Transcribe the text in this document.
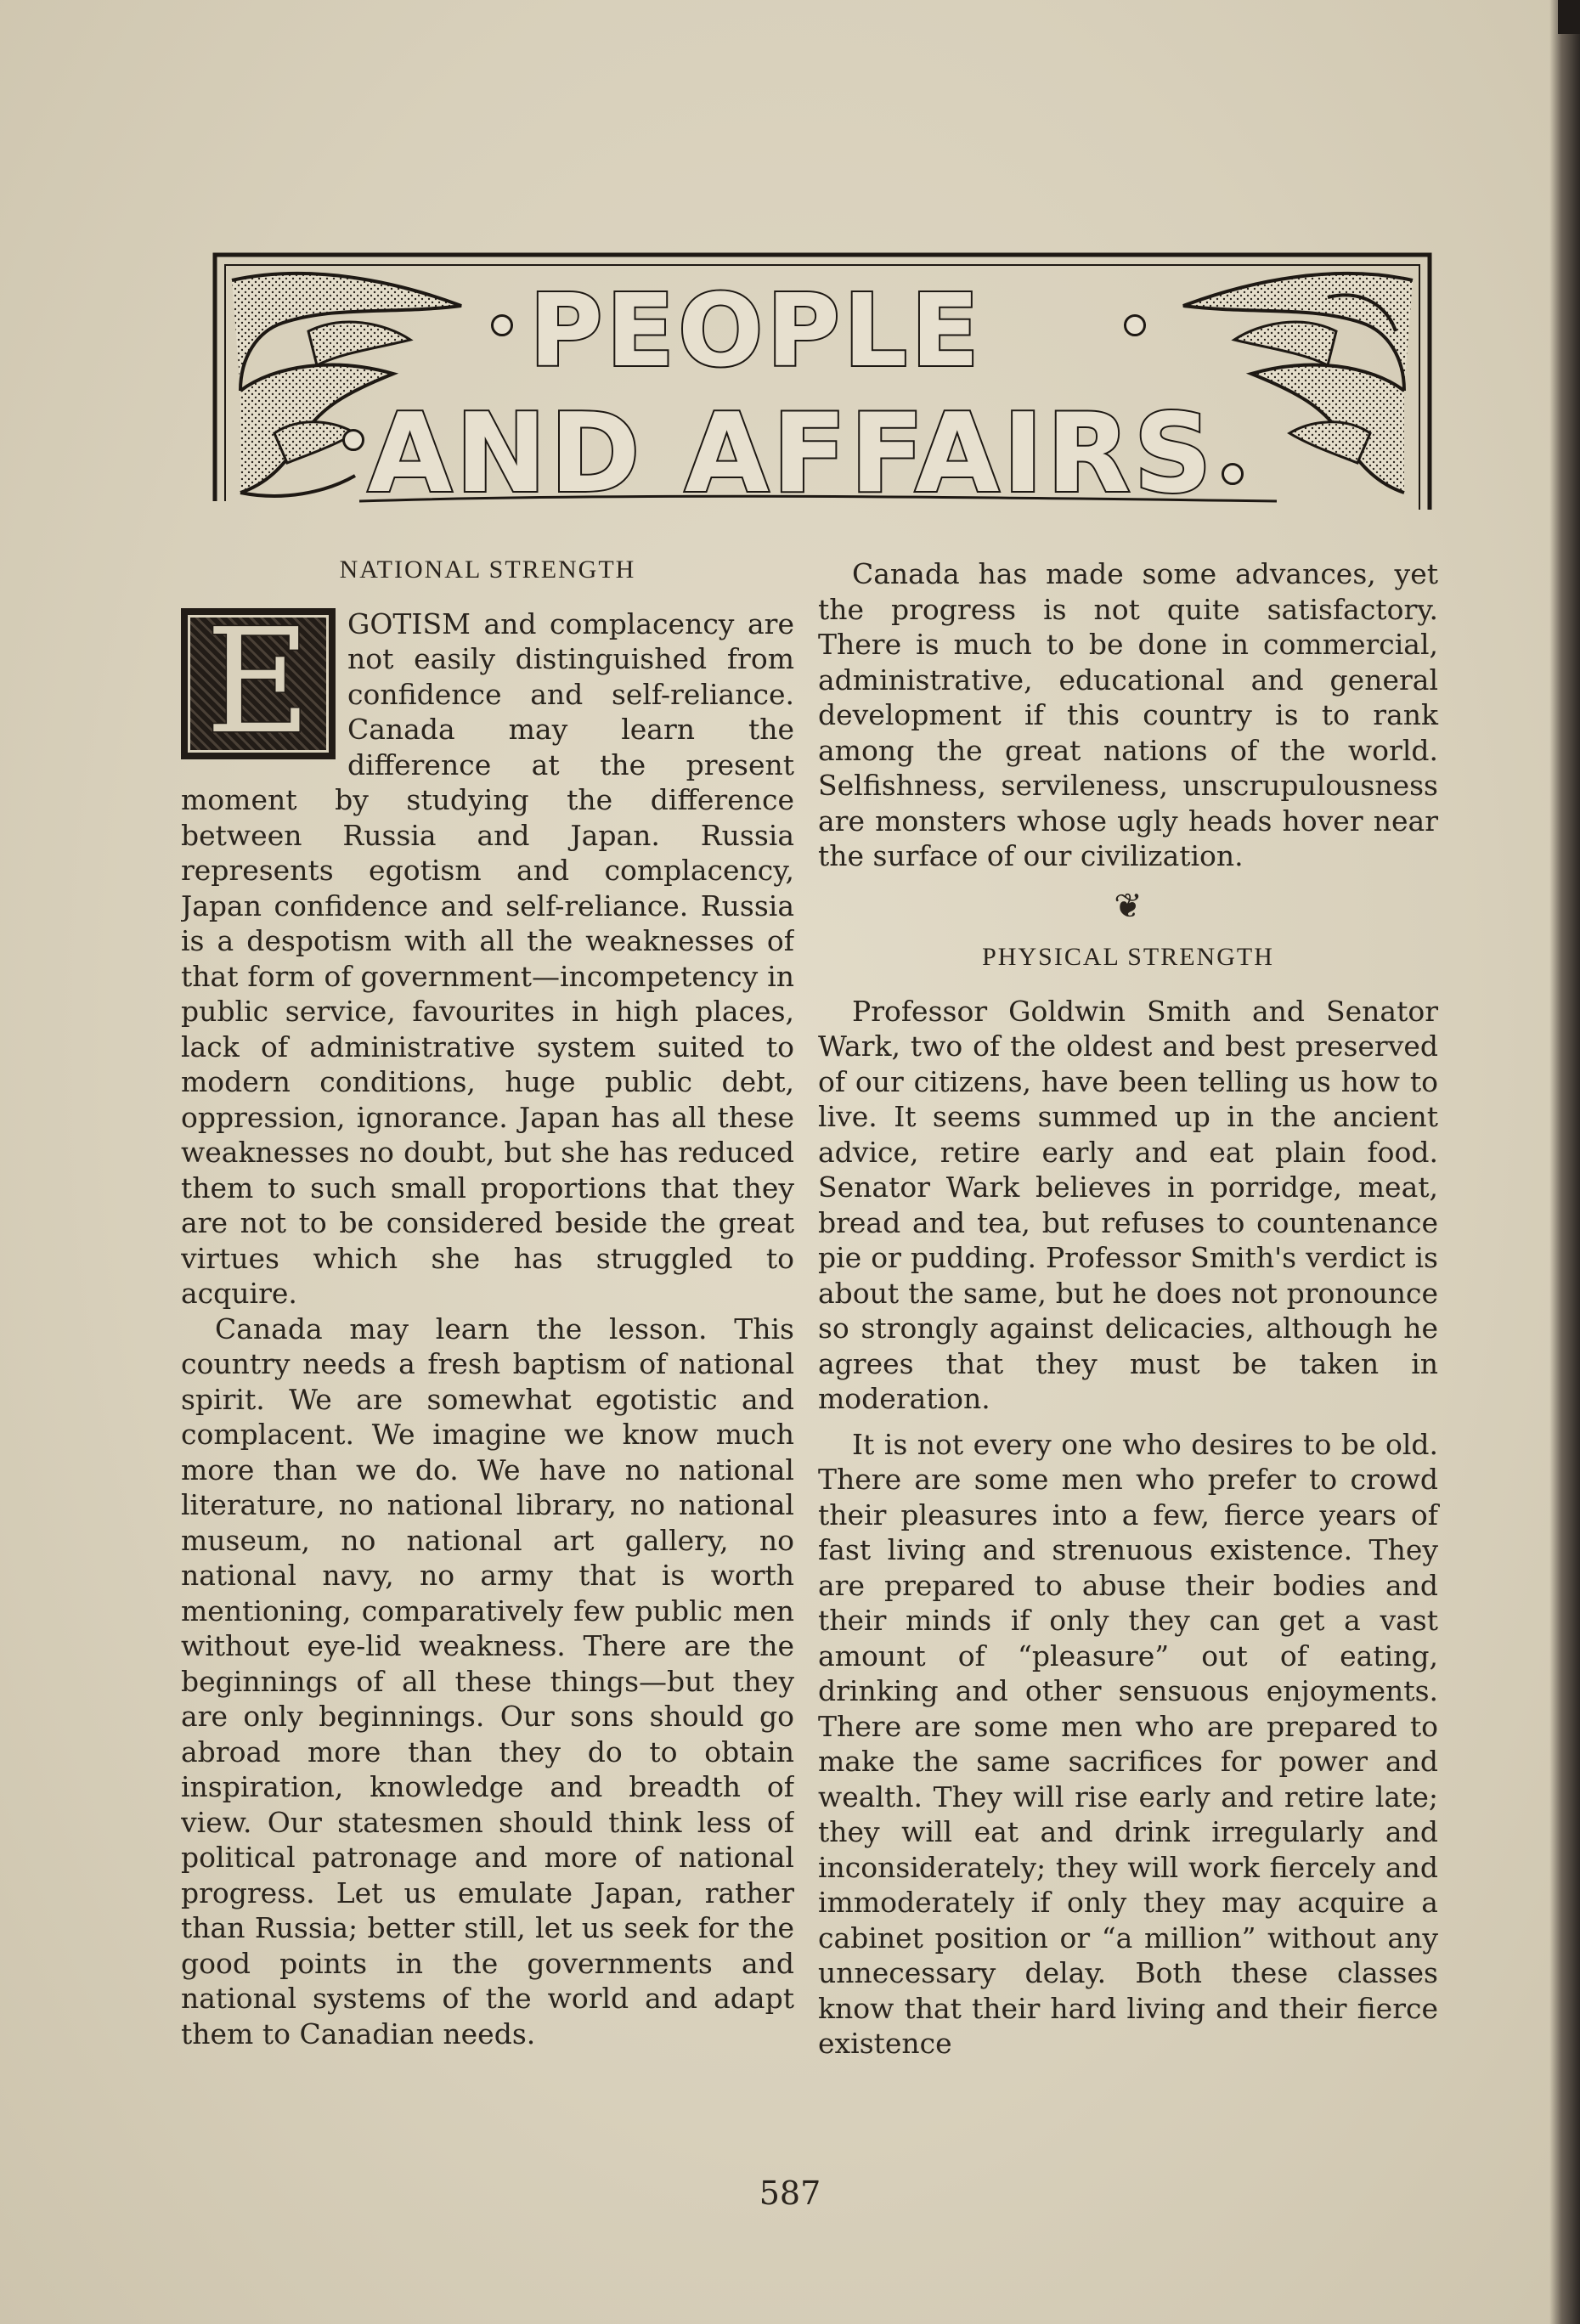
PEOPLE
AND AFFAIRS
NATIONAL STRENGTH
E	GOTISM and complacency are not easily distinguished from confidence and self-reliance. Canada may learn the difference at the present moment by studying the difference between Russia and Japan. Russia represents egotism and complacency, Japan confidence and self-reliance. Russia is a despotism with all the weaknesses of that form of government—incompetency in public service, favourites in high places, lack of administrative system suited to modern conditions, huge public debt, oppression, ignorance. Japan has all these weaknesses no doubt, but she has reduced them to such small proportions that they are not to be considered beside the great virtues which she has struggled to acquire.

Canada may learn the lesson. This country needs a fresh baptism of national spirit. We are somewhat egotistic and complacent. We imagine we know much more than we do. We have no national literature, no national library, no national museum, no national art gallery, no national navy, no army that is worth mentioning, comparatively few public men without eye-lid weakness. There are the beginnings of all these things—but they are only beginnings. Our sons should go abroad more than they do to obtain inspiration, knowledge and breadth of view. Our statesmen should think less of political patronage and more of national progress. Let us emulate Japan, rather than Russia; better still, let us seek for the good points in the governments and national systems of the world and adapt them to Canadian needs.

Canada has made some advances, yet the progress is not quite satisfactory. There is much to be done in commercial, administrative, educational and general development if this country is to rank among the great nations of the world. Selfishness, servileness, unscrupulousness are monsters whose ugly heads hover near the surface of our civilization.

❦
PHYSICAL STRENGTH

Professor Goldwin Smith and Senator Wark, two of the oldest and best preserved of our citizens, have been telling us how to live. It seems summed up in the ancient advice, retire early and eat plain food. Senator Wark believes in porridge, meat, bread and tea, but refuses to countenance pie or pudding. Professor Smith's verdict is about the same, but he does not pronounce so strongly against delicacies, although he agrees that they must be taken in moderation.

It is not every one who desires to be old. There are some men who prefer to crowd their pleasures into a few, fierce years of fast living and strenuous existence. They are prepared to abuse their bodies and their minds if only they can get a vast amount of “pleasure” out of eating, drinking and other sensuous enjoyments. There are some men who are prepared to make the same sacrifices for power and wealth. They will rise early and retire late; they will eat and drink irregularly and inconsiderately; they will work fiercely and immoderately if only they may acquire a cabinet position or “a million” without any unnecessary delay. Both these classes know that their hard living and their fierce existence

587
